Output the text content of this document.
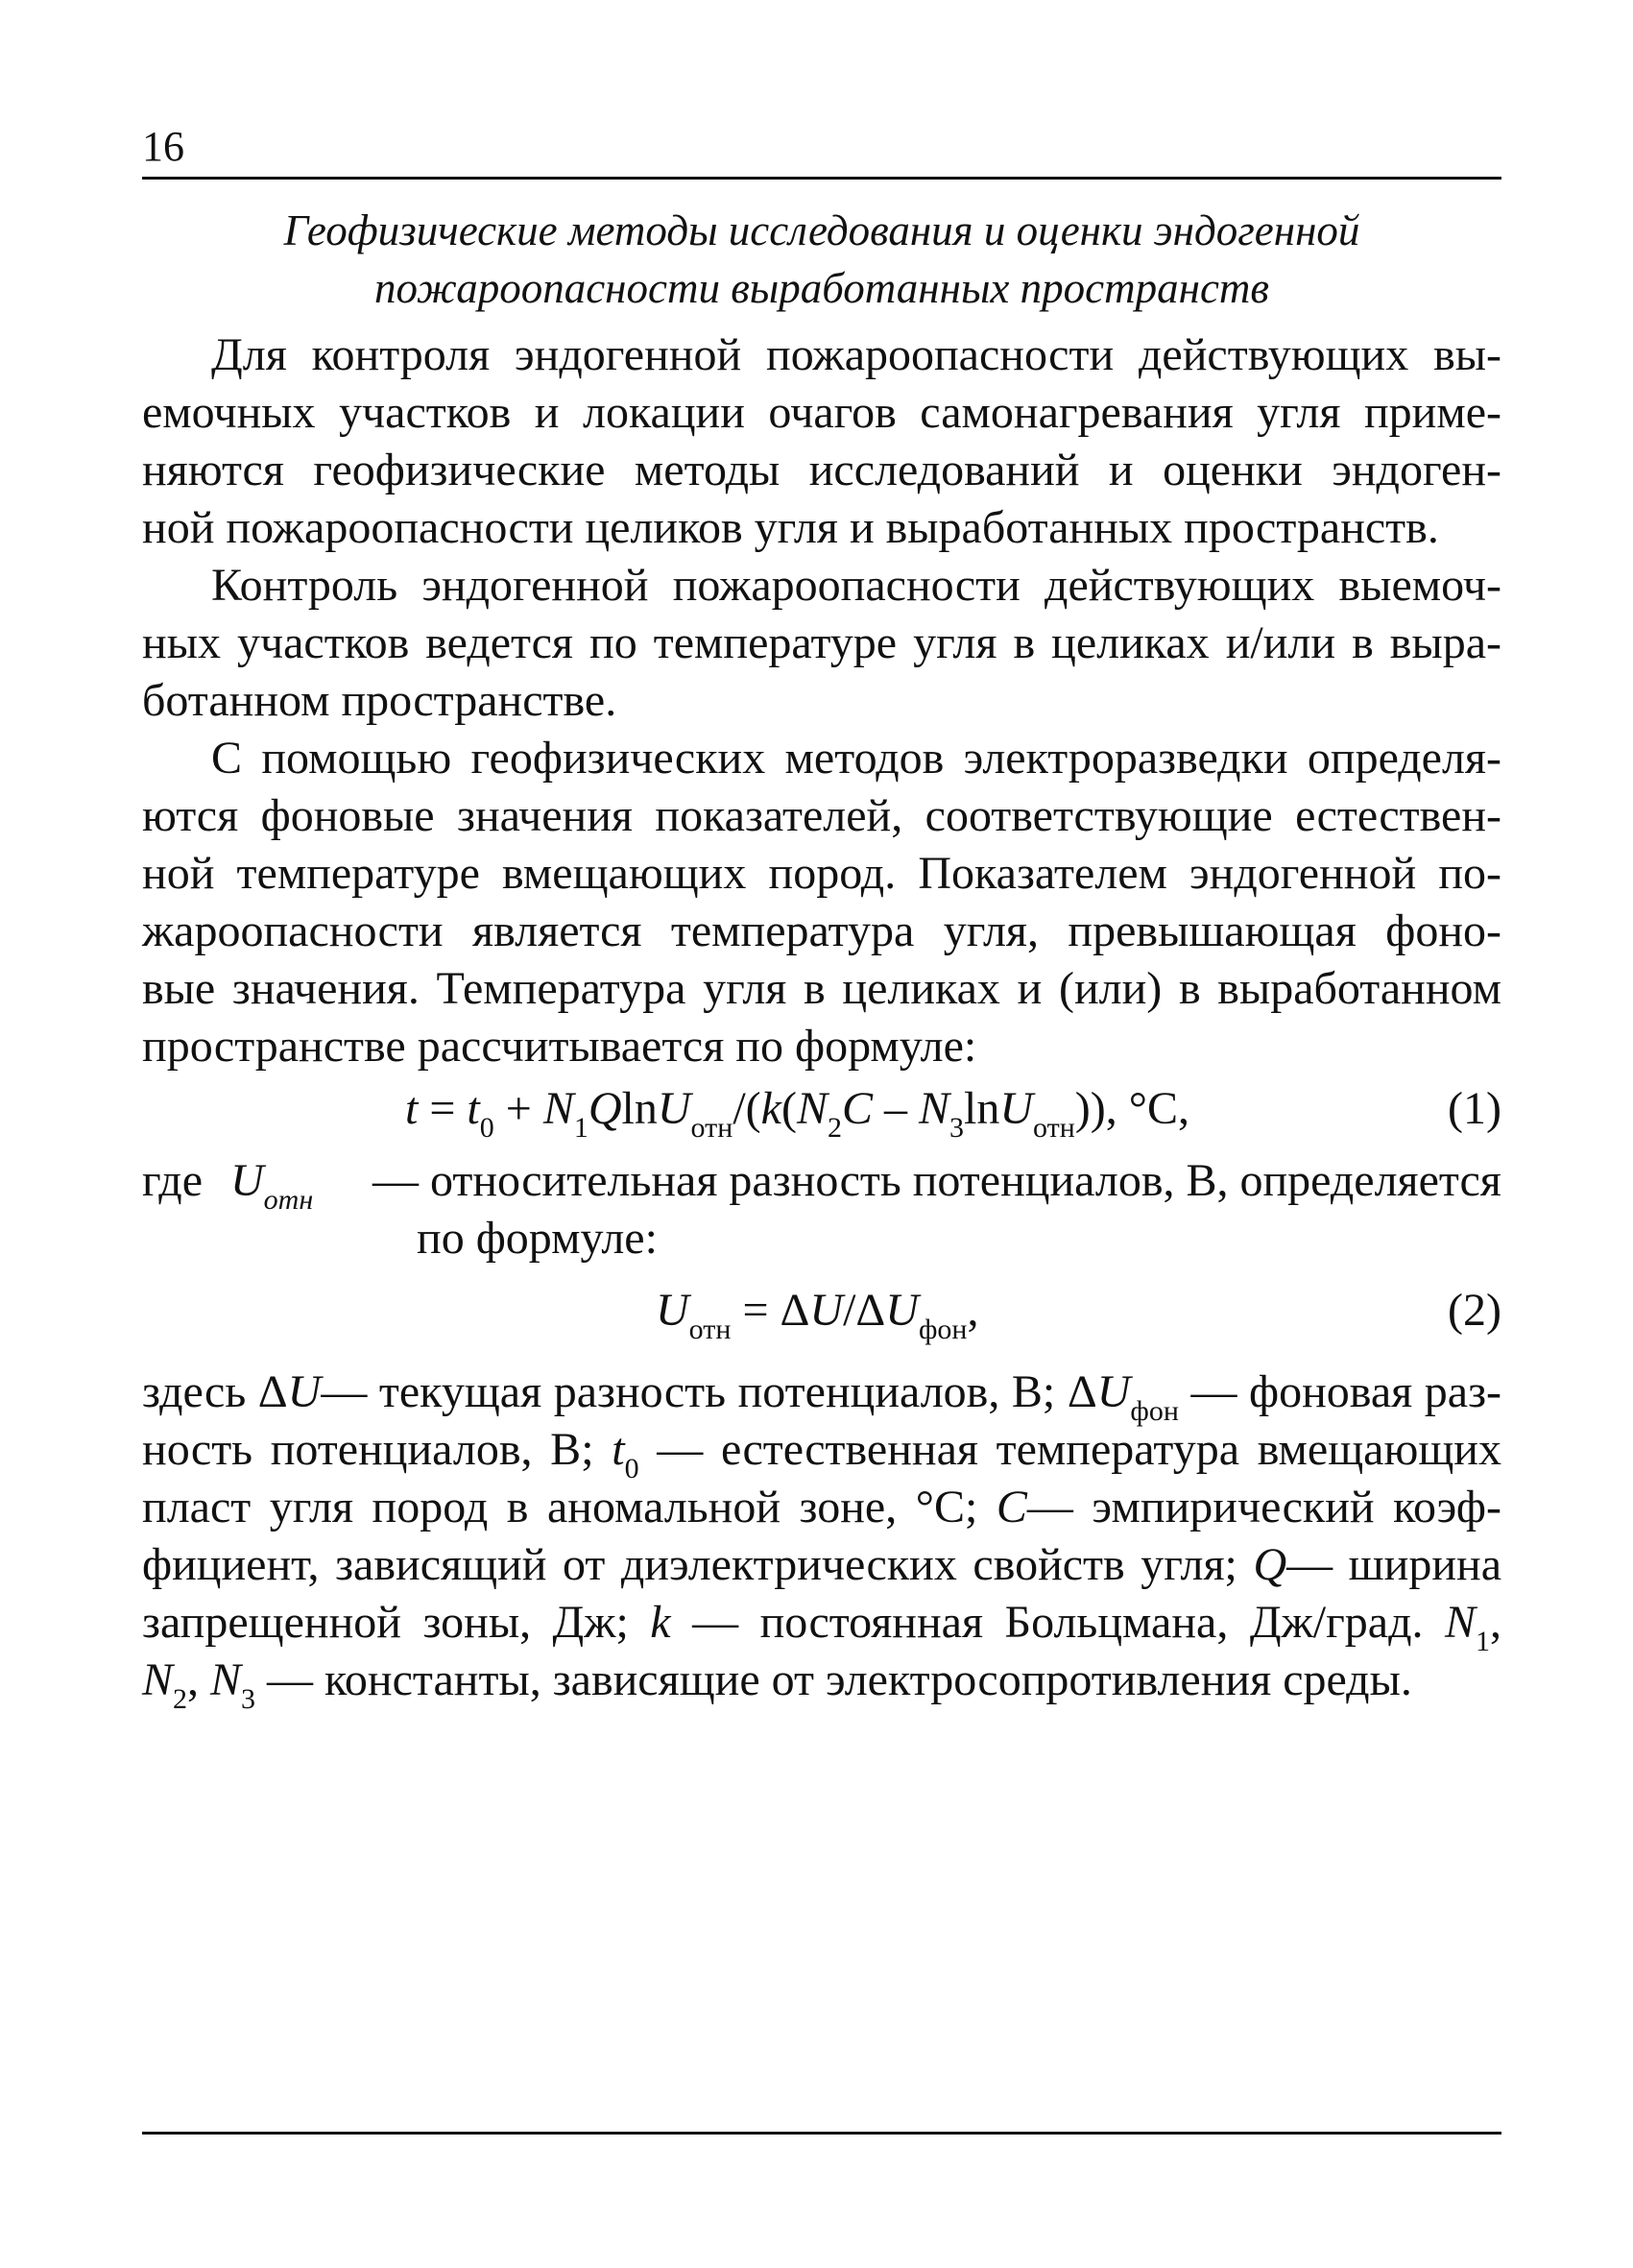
16
Геофизические методы исследования и оценки эндогенной
пожароопасности выработанных пространств
Для контроля эндогенной пожароопасности действующих вы-
емочных участков и локации очагов самонагревания угля приме-
няются геофизические методы исследований и оценки эндоген-
ной пожароопасности целиков угля и выработанных пространств.
Контроль эндогенной пожароопасности действующих выемоч-
ных участков ведется по температуре угля в целиках и/или в выра-
ботанном пространстве.
С помощью геофизических методов электроразведки определя-
ются фоновые значения показателей, соответствующие естествен-
ной температуре вмещающих пород. Показателем эндогенной по-
жароопасности является температура угля, превышающая фоно-
вые значения. Температура угля в целиках и (или) в выработанном
пространстве рассчитывается по формуле:
$t = t_0 + N_1QlnU_{отн}/(k(N_2C - N_3\ln U_{отн}))$, °C,	(1)
где $U_{отн}$ — относительная разность потенциалов, В, определяется
по формуле:
$U_{отн} = \Delta U/\Delta U_{фон}$,	(2)
здесь ΔU— текущая разность потенциалов, В; $\Delta U_{фон}$ — фоновая раз-
ность потенциалов, В; $t_0$ — естественная температура вмещающих
пласт угля пород в аномальной зоне, °С; С— эмпирический коэф-
фициент, зависящий от диэлектрических свойств угля; Q— ширина
запрещенной зоны, Дж; k — постоянная Больцмана, Дж/град. $N_1$,
$N_2$, $N_3$ — константы, зависящие от электросопротивления среды.
